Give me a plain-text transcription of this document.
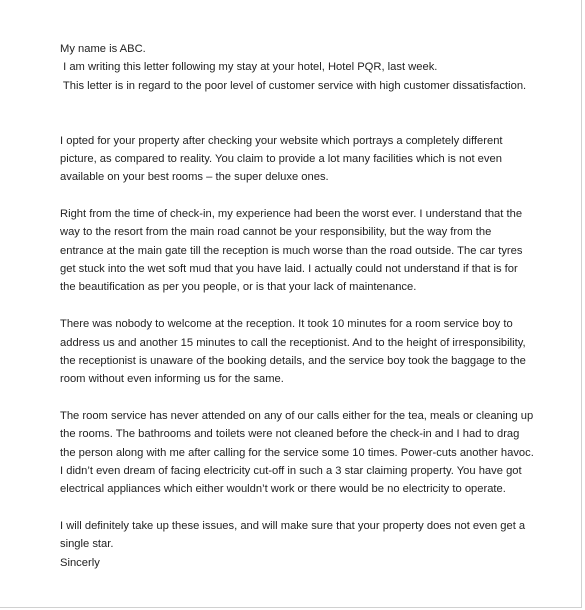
My name is ABC.
I am writing this letter following my stay at your hotel, Hotel PQR, last week.
This letter is in regard to the poor level of customer service with high customer dissatisfaction.
I opted for your property after checking your website which portrays a completely different
picture, as compared to reality. You claim to provide a lot many facilities which is not even
available on your best rooms – the super deluxe ones.
Right from the time of check-in, my experience had been the worst ever. I understand that the
way to the resort from the main road cannot be your responsibility, but the way from the
entrance at the main gate till the reception is much worse than the road outside. The car tyres
get stuck into the wet soft mud that you have laid. I actually could not understand if that is for
the beautification as per you people, or is that your lack of maintenance.
There was nobody to welcome at the reception. It took 10 minutes for a room service boy to
address us and another 15 minutes to call the receptionist. And to the height of irresponsibility,
the receptionist is unaware of the booking details, and the service boy took the baggage to the
room without even informing us for the same.
The room service has never attended on any of our calls either for the tea, meals or cleaning up
the rooms. The bathrooms and toilets were not cleaned before the check-in and I had to drag
the person along with me after calling for the service some 10 times. Power-cuts another havoc.
I didn’t even dream of facing electricity cut-off in such a 3 star claiming property. You have got
electrical appliances which either wouldn’t work or there would be no electricity to operate.
I will definitely take up these issues, and will make sure that your property does not even get a
single star.
Sincerly
